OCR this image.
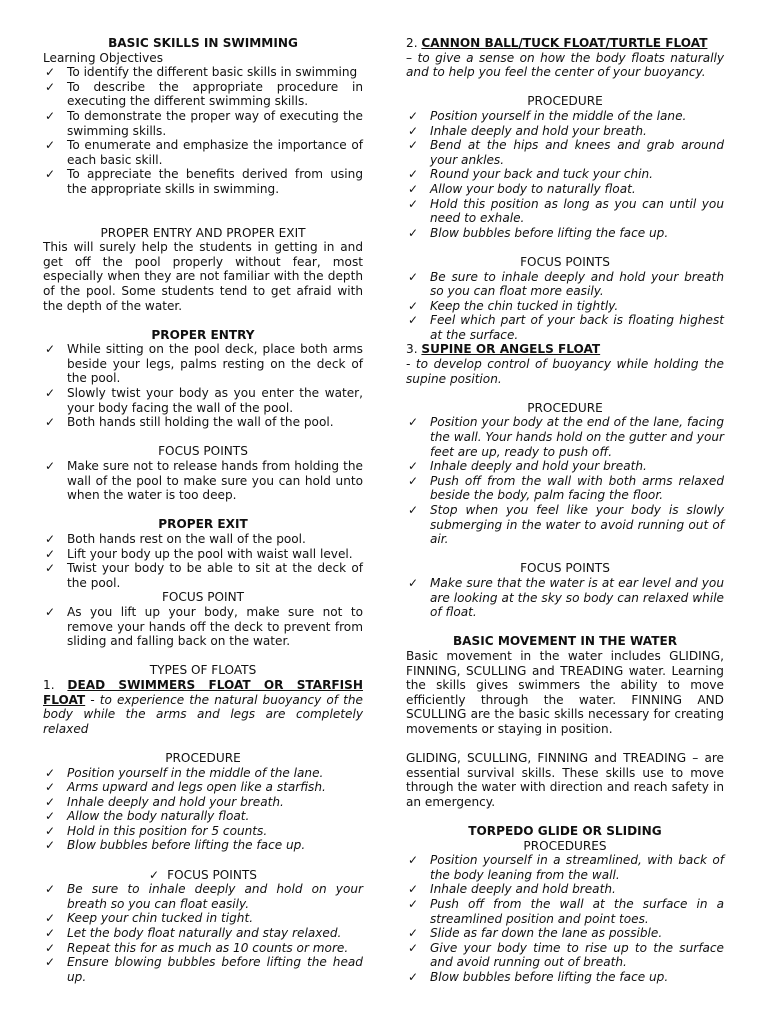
BASIC SKILLS IN SWIMMING
Learning Objectives
✓ To identify the different basic skills in swimming
✓ To describe the appropriate procedure in executing the different swimming skills.
✓ To demonstrate the proper way of executing the swimming skills.
✓ To enumerate and emphasize the importance of each basic skill.
✓ To appreciate the benefits derived from using the appropriate skills in swimming.
PROPER ENTRY AND PROPER EXIT
This will surely help the students in getting in and get off the pool properly without fear, most especially when they are not familiar with the depth of the pool. Some students tend to get afraid with the depth of the water.
PROPER ENTRY
✓ While sitting on the pool deck, place both arms beside your legs, palms resting on the deck of the pool.
✓ Slowly twist your body as you enter the water, your body facing the wall of the pool.
✓ Both hands still holding the wall of the pool.
FOCUS POINTS
✓ Make sure not to release hands from holding the wall of the pool to make sure you can hold unto when the water is too deep.
PROPER EXIT
✓ Both hands rest on the wall of the pool.
✓ Lift your body up the pool with waist wall level.
✓ Twist your body to be able to sit at the deck of the pool.
FOCUS POINT
✓ As you lift up your body, make sure not to remove your hands off the deck to prevent from sliding and falling back on the water.
TYPES OF FLOATS
1. DEAD SWIMMERS FLOAT OR STARFISH FLOAT - to experience the natural buoyancy of the body while the arms and legs are completely relaxed
PROCEDURE
✓ Position yourself in the middle of the lane.
✓ Arms upward and legs open like a starfish.
✓ Inhale deeply and hold your breath.
✓ Allow the body naturally float.
✓ Hold in this position for 5 counts.
✓ Blow bubbles before lifting the face up.
✓ FOCUS POINTS
✓ Be sure to inhale deeply and hold on your breath so you can float easily.
✓ Keep your chin tucked in tight.
✓ Let the body float naturally and stay relaxed.
✓ Repeat this for as much as 10 counts or more.
✓ Ensure blowing bubbles before lifting the head up.
2. CANNON BALL/TUCK FLOAT/TURTLE FLOAT
– to give a sense on how the body floats naturally and to help you feel the center of your buoyancy.
PROCEDURE
✓ Position yourself in the middle of the lane.
✓ Inhale deeply and hold your breath.
✓ Bend at the hips and knees and grab around your ankles.
✓ Round your back and tuck your chin.
✓ Allow your body to naturally float.
✓ Hold this position as long as you can until you need to exhale.
✓ Blow bubbles before lifting the face up.
FOCUS POINTS
✓ Be sure to inhale deeply and hold your breath so you can float more easily.
✓ Keep the chin tucked in tightly.
✓ Feel which part of your back is floating highest at the surface.
3. SUPINE OR ANGELS FLOAT
- to develop control of buoyancy while holding the supine position.
PROCEDURE
✓ Position your body at the end of the lane, facing the wall. Your hands hold on the gutter and your feet are up, ready to push off.
✓ Inhale deeply and hold your breath.
✓ Push off from the wall with both arms relaxed beside the body, palm facing the floor.
✓ Stop when you feel like your body is slowly submerging in the water to avoid running out of air.
FOCUS POINTS
✓ Make sure that the water is at ear level and you are looking at the sky so body can relaxed while of float.
BASIC MOVEMENT IN THE WATER
Basic movement in the water includes GLIDING, FINNING, SCULLING and TREADING water. Learning the skills gives swimmers the ability to move efficiently through the water. FINNING AND SCULLING are the basic skills necessary for creating movements or staying in position.
GLIDING, SCULLING, FINNING and TREADING – are essential survival skills. These skills use to move through the water with direction and reach safety in an emergency.
TORPEDO GLIDE OR SLIDING
PROCEDURES
✓ Position yourself in a streamlined, with back of the body leaning from the wall.
✓ Inhale deeply and hold breath.
✓ Push off from the wall at the surface in a streamlined position and point toes.
✓ Slide as far down the lane as possible.
✓ Give your body time to rise up to the surface and avoid running out of breath.
✓ Blow bubbles before lifting the face up.
